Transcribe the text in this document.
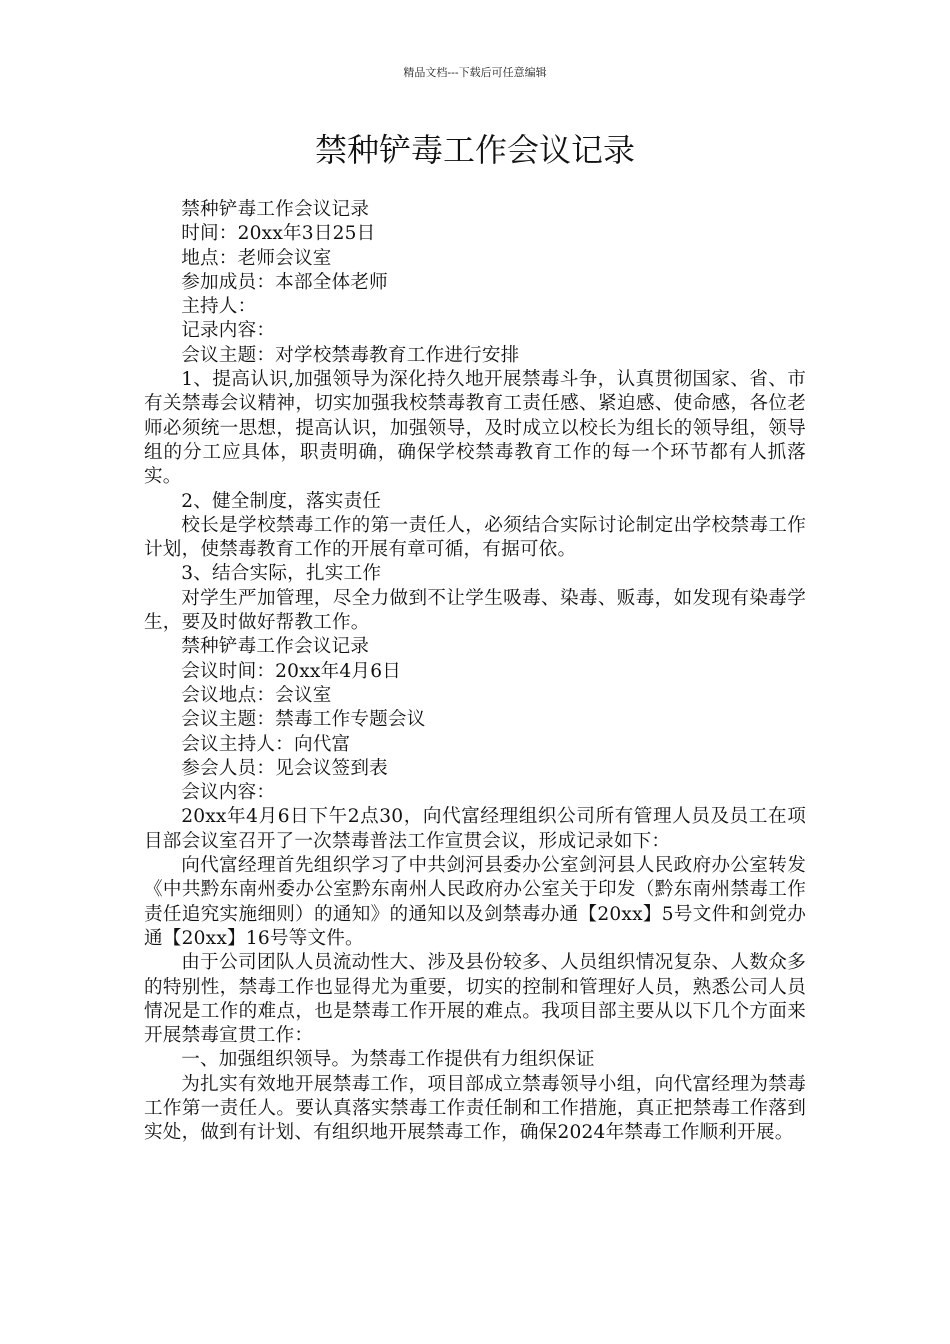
精品文档---下载后可任意编辑
禁种铲毒工作会议记录

禁种铲毒工作会议记录

时间：20xx年3日25日

地点：老师会议室

参加成员：本部全体老师

主持人：

记录内容：

会议主题：对学校禁毒教育工作进行安排

1、提高认识,加强领导为深化持久地开展禁毒斗争，认真贯彻国家、省、市有关禁毒会议精神，切实加强我校禁毒教育工责任感、紧迫感、使命感，各位老师必须统一思想，提高认识，加强领导，及时成立以校长为组长的领导组，领导组的分工应具体，职责明确，确保学校禁毒教育工作的每一个环节都有人抓落实。

2、健全制度，落实责任

校长是学校禁毒工作的第一责任人，必须结合实际讨论制定出学校禁毒工作计划，使禁毒教育工作的开展有章可循，有据可依。

3、结合实际，扎实工作

对学生严加管理，尽全力做到不让学生吸毒、染毒、贩毒，如发现有染毒学生，要及时做好帮教工作。

禁种铲毒工作会议记录

会议时间：20xx年4月6日

会议地点：会议室

会议主题：禁毒工作专题会议

会议主持人：向代富

参会人员：见会议签到表

会议内容：

20xx年4月6日下午2点30，向代富经理组织公司所有管理人员及员工在项目部会议室召开了一次禁毒普法工作宣贯会议，形成记录如下：

向代富经理首先组织学习了中共剑河县委办公室剑河县人民政府办公室转发《中共黔东南州委办公室黔东南州人民政府办公室关于印发（黔东南州禁毒工作责任追究实施细则）的通知》的通知以及剑禁毒办通【20xx】5号文件和剑党办通【20xx】16号等文件。

由于公司团队人员流动性大、涉及县份较多、人员组织情况复杂、人数众多的特别性，禁毒工作也显得尤为重要，切实的控制和管理好人员，熟悉公司人员情况是工作的难点，也是禁毒工作开展的难点。我项目部主要从以下几个方面来开展禁毒宣贯工作：

一、加强组织领导。为禁毒工作提供有力组织保证

为扎实有效地开展禁毒工作，项目部成立禁毒领导小组，向代富经理为禁毒工作第一责任人。要认真落实禁毒工作责任制和工作措施，真正把禁毒工作落到实处，做到有计划、有组织地开展禁毒工作，确保2024年禁毒工作顺利开展。
